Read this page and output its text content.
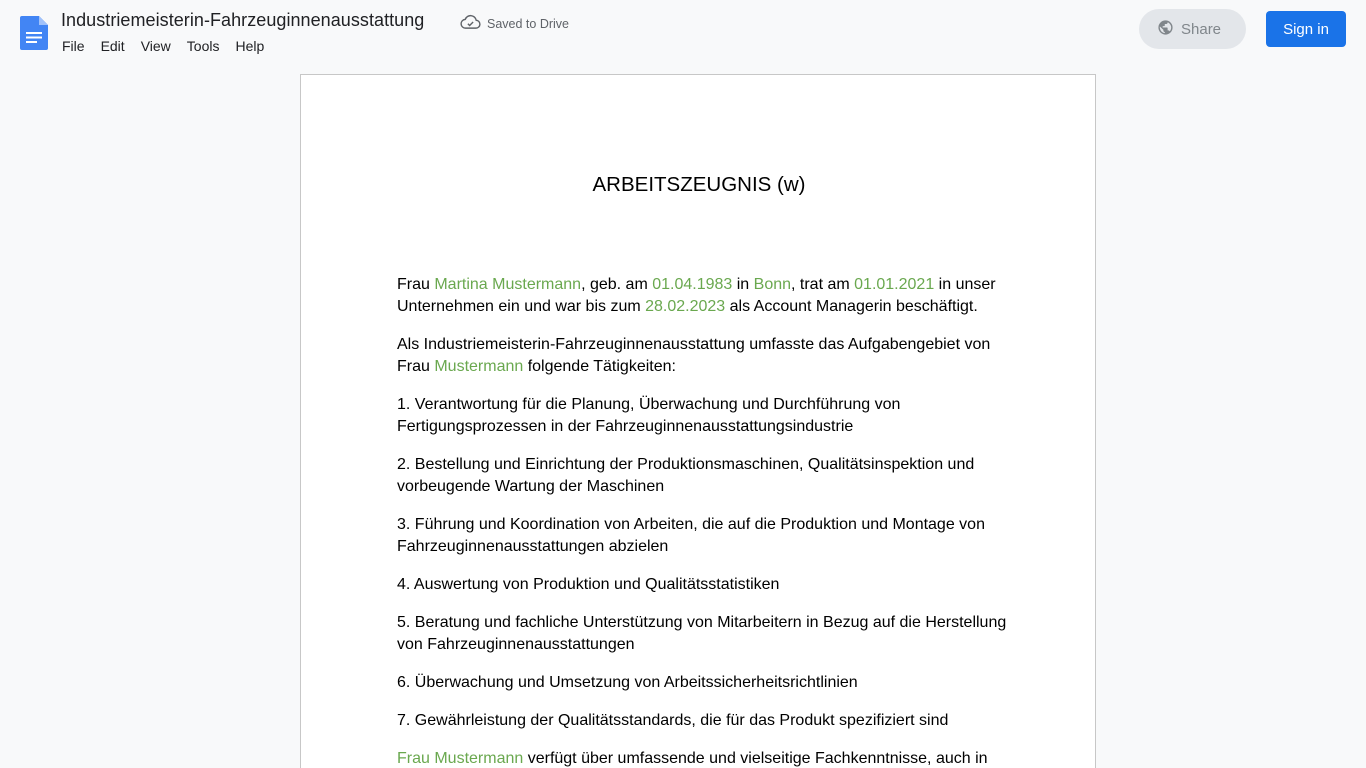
Industriemeisterin-Fahrzeuginnenausstattung	Saved to Drive
File	Edit	View	Tools	Help
Share	Sign in
ARBEITSZEUGNIS (w)

Frau Martina Mustermann, geb. am 01.04.1983 in Bonn, trat am 01.01.2021 in unser Unternehmen ein und war bis zum 28.02.2023 als Account Managerin beschäftigt.

Als Industriemeisterin-Fahrzeuginnenausstattung umfasste das Aufgabengebiet von Frau Mustermann folgende Tätigkeiten:

1. Verantwortung für die Planung, Überwachung und Durchführung von Fertigungsprozessen in der Fahrzeuginnenausstattungsindustrie

2. Bestellung und Einrichtung der Produktionsmaschinen, Qualitätsinspektion und vorbeugende Wartung der Maschinen

3. Führung und Koordination von Arbeiten, die auf die Produktion und Montage von Fahrzeuginnenausstattungen abzielen

4. Auswertung von Produktion und Qualitätsstatistiken

5. Beratung und fachliche Unterstützung von Mitarbeitern in Bezug auf die Herstellung von Fahrzeuginnenausstattungen

6. Überwachung und Umsetzung von Arbeitssicherheitsrichtlinien

7. Gewährleistung der Qualitätsstandards, die für das Produkt spezifiziert sind

Frau Mustermann verfügt über umfassende und vielseitige Fachkenntnisse, auch in
